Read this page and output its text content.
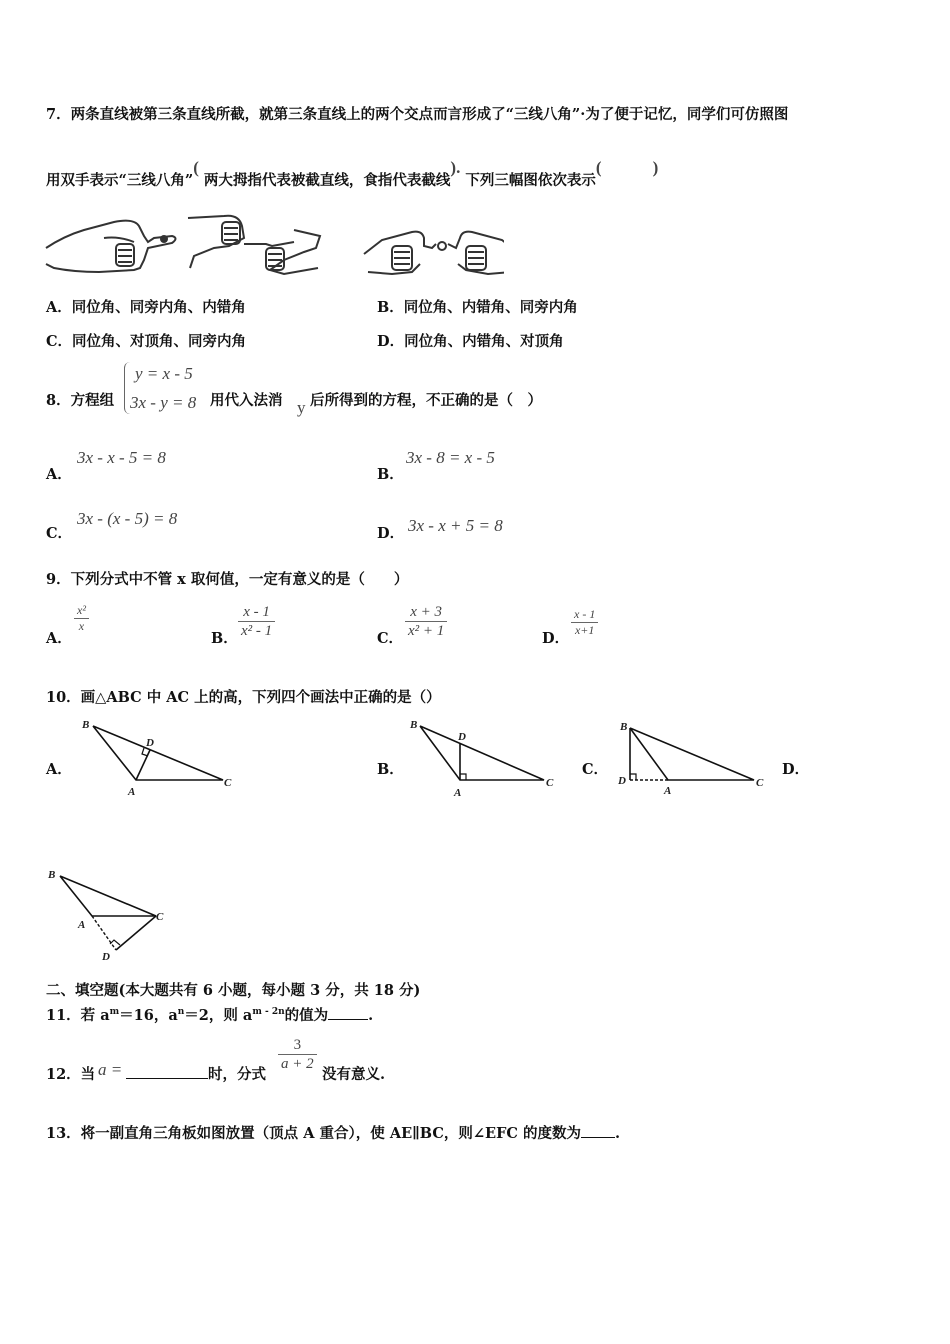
7．两条直线被第三条直线所截，就第三条直线上的两个交点而言形成了“三线八角”·为了便于记忆，同学们可仿照图
用双手表示“三线八角”( 两大拇指代表被截直线，食指代表截线). 下列三幅图依次表示(　　　)
A．同位角、同旁内角、内错角	B．同位角、内错角、同旁内角
C．同位角、对顶角、同旁内角	D．同位角、内错角、对顶角
8．方程组
y = x - 5
3x - y = 8 用代入法消 y 后所得到的方程，不正确的是（　）
A．
3x - x - 5 = 8
B．
3x - 8 = x - 5
C．
3x - (x - 5) = 8
D． 3x - x + 5 = 8
9．下列分式中不管 x 取何值，一定有意义的是（　　）
A．
$\frac{\text{x²}}{x}$
B． $\frac{x - 1}{\text{x² - 1}}$	C． $\frac{x + 3}{\text{x² + 1}}$	D．
$\frac{x - 1}{x+1}$
10．画△ABC 中 AC 上的高，下列四个画法中正确的是（）
A．
B
D
A
C
B．
B
D
A
C
C．
B
D
A
C
D．
B
A
C
D
二、填空题(本大题共有 6 小题，每小题 3 分，共 18 分)
11．若 $a^m=16$，$a^n=2$，则 $a^{m - 2n}$的值为	.
12．当 a =	时，分式
$\frac{3}{a + 2}$
没有意义.
13．将一副直角三角板如图放置（顶点 A 重合），使 AE∥BC，则∠EFC 的度数为 .
